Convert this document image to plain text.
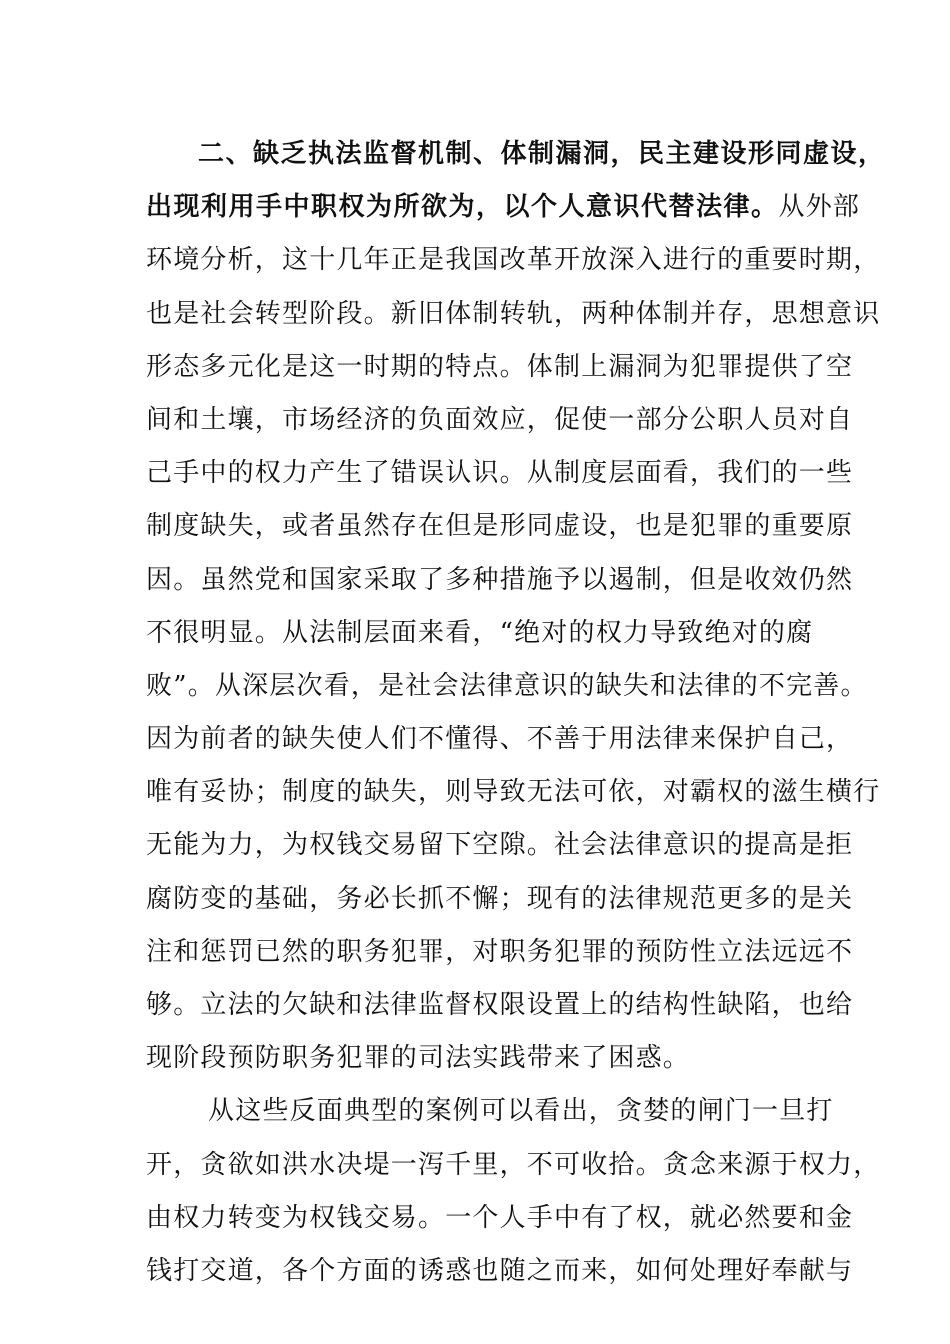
二、缺乏执法监督机制、体制漏洞，民主建设形同虚设，
出现利用手中职权为所欲为，以个人意识代替法律。从外部
环境分析，这十几年正是我国改革开放深入进行的重要时期，
也是社会转型阶段。新旧体制转轨，两种体制并存，思想意识
形态多元化是这一时期的特点。体制上漏洞为犯罪提供了空
间和土壤，市场经济的负面效应，促使一部分公职人员对自
己手中的权力产生了错误认识。从制度层面看，我们的一些
制度缺失，或者虽然存在但是形同虚设，也是犯罪的重要原
因。虽然党和国家采取了多种措施予以遏制，但是收效仍然
不很明显。从法制层面来看，“绝对的权力导致绝对的腐
败”。从深层次看，是社会法律意识的缺失和法律的不完善。
因为前者的缺失使人们不懂得、不善于用法律来保护自己，
唯有妥协；制度的缺失，则导致无法可依，对霸权的滋生横行
无能为力，为权钱交易留下空隙。社会法律意识的提高是拒
腐防变的基础，务必长抓不懈；现有的法律规范更多的是关
注和惩罚已然的职务犯罪，对职务犯罪的预防性立法远远不
够。立法的欠缺和法律监督权限设置上的结构性缺陷，也给
现阶段预防职务犯罪的司法实践带来了困惑。
从这些反面典型的案例可以看出，贪婪的闸门一旦打
开，贪欲如洪水决堤一泻千里，不可收拾。贪念来源于权力，
由权力转变为权钱交易。一个人手中有了权，就必然要和金
钱打交道，各个方面的诱惑也随之而来，如何处理好奉献与
